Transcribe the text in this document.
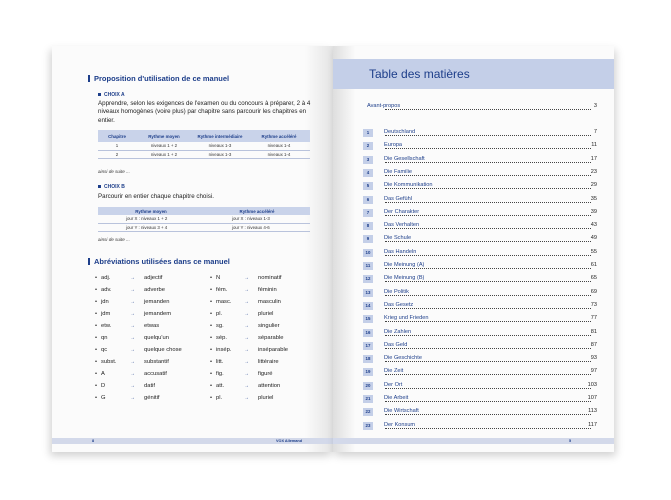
Proposition d'utilisation de ce manuel
CHOIX A
Apprendre, selon les exigences de l'examen ou du concours à préparer, 2 à 4 niveaux homogènes (voire plus) par chapitre sans parcourir les chapitres en entier.
Chapitre	Rythme moyen	Rythme intermédiaire	Rythme accéléré
1	niveaux 1 + 2	niveaux 1-3	niveaux 1-4
2	niveaux 1 + 2	niveaux 1-3	niveaux 1-4
ainsi de suite ...
CHOIX B
Parcourir en entier chaque chapitre choisi.
Rythme moyen	Rythme accéléré
jour X : niveaux 1 + 2	jour X : niveaux 1-3
jour Y : niveaux 3 + 4	jour Y : niveaux 4-6
ainsi de suite ...
Abréviations utilisées dans ce manuel
• adj.	→ adjectif	• N	→ nominatif
• adv.	→ adverbe	• fém.	→ féminin
• jdn	→ jemanden	• masc.	→ masculin
• jdm	→ jemandem	• pl.	→ pluriel
• etw.	→ etwas	• sg.	→ singulier
• qn	→ quelqu'un	• sép.	→ séparable
• qc	→ quelque chose	• insép.	→ inséparable
• subst.	→ substantif	• litt.	→ littéraire
• A	→ accusatif	• fig.	→ figuré
• D	→ datif	• att.	→ attention
• G	→ génitif	• pl.	→ pluriel
8	VOX Allemand
Table des matières
Avant-propos	3
1	Deutschland	7
2	Europa	11
3	Die Gesellschaft	17
4	Die Familie	23
5	Die Kommunikation	29
6	Das Gefühl	35
7	Der Charakter	39
8	Das Verhalten	43
9	Die Schule	49
10	Das Handeln	55
11	Die Meinung (A)	61
12	Die Meinung (B)	65
13	Die Politik	69
14	Das Gesetz	73
15	Krieg und Frieden	77
16	Die Zahlen	81
17	Das Geld	87
18	Die Geschichte	93
19	Die Zeit	97
20	Der Ort	103
21	Die Arbeit	107
22	Die Wirtschaft	113
23	Der Konsum	117
5
